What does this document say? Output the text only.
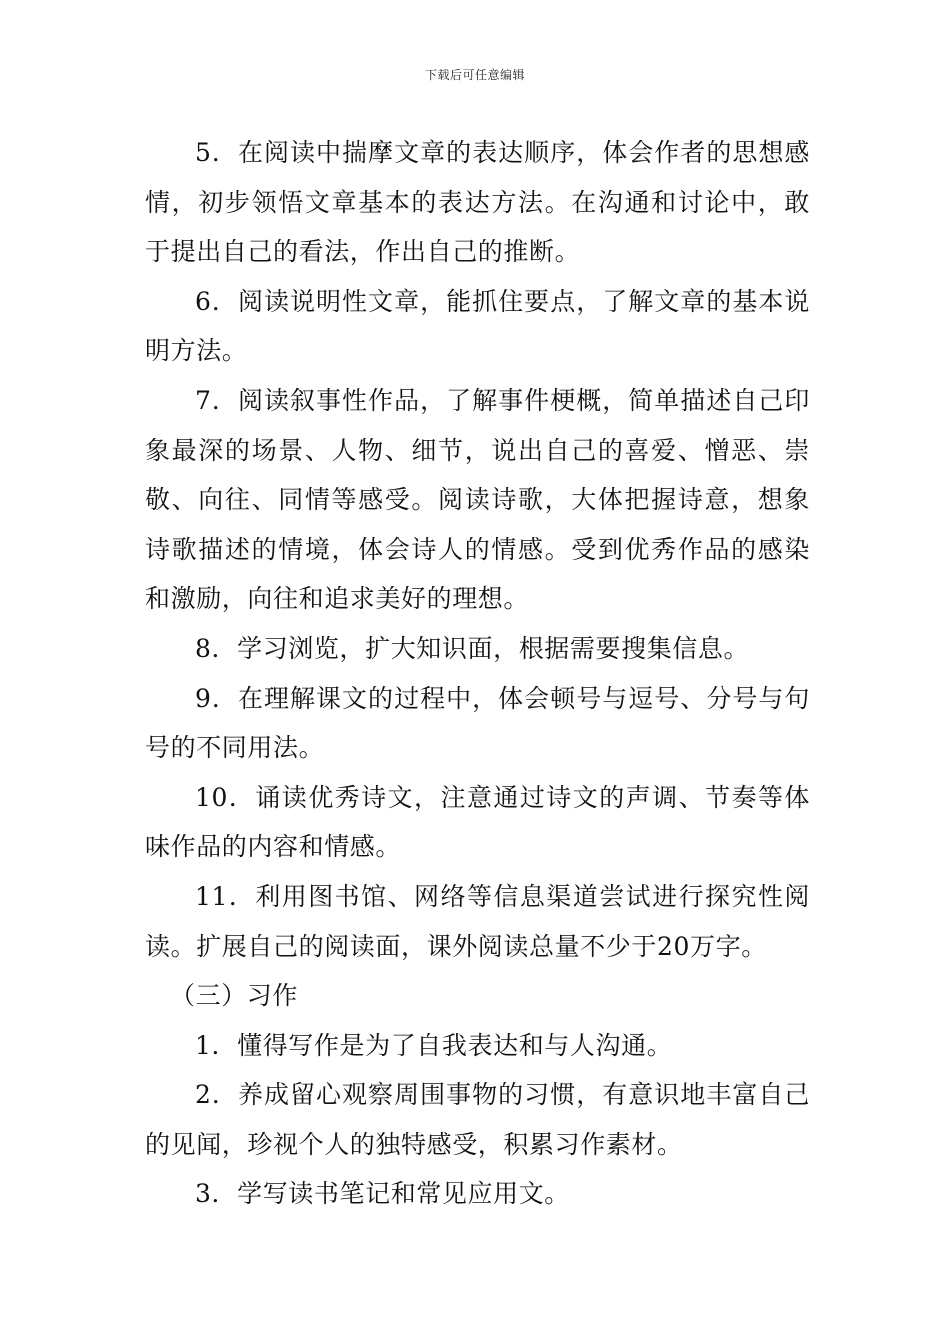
下载后可任意编辑

5．在阅读中揣摩文章的表达顺序，体会作者的思想感情，初步领悟文章基本的表达方法。在沟通和讨论中，敢于提出自己的看法，作出自己的推断。

6．阅读说明性文章，能抓住要点，了解文章的基本说明方法。

7．阅读叙事性作品，了解事件梗概，简单描述自己印象最深的场景、人物、细节，说出自己的喜爱、憎恶、崇敬、向往、同情等感受。阅读诗歌，大体把握诗意，想象诗歌描述的情境，体会诗人的情感。受到优秀作品的感染和激励，向往和追求美好的理想。

8．学习浏览，扩大知识面，根据需要搜集信息。

9．在理解课文的过程中，体会顿号与逗号、分号与句号的不同用法。

10．诵读优秀诗文，注意通过诗文的声调、节奏等体味作品的内容和情感。

11．利用图书馆、网络等信息渠道尝试进行探究性阅读。扩展自己的阅读面，课外阅读总量不少于20万字。

（三）习作

1．懂得写作是为了自我表达和与人沟通。

2．养成留心观察周围事物的习惯，有意识地丰富自己的见闻，珍视个人的独特感受，积累习作素材。

3．学写读书笔记和常见应用文。
